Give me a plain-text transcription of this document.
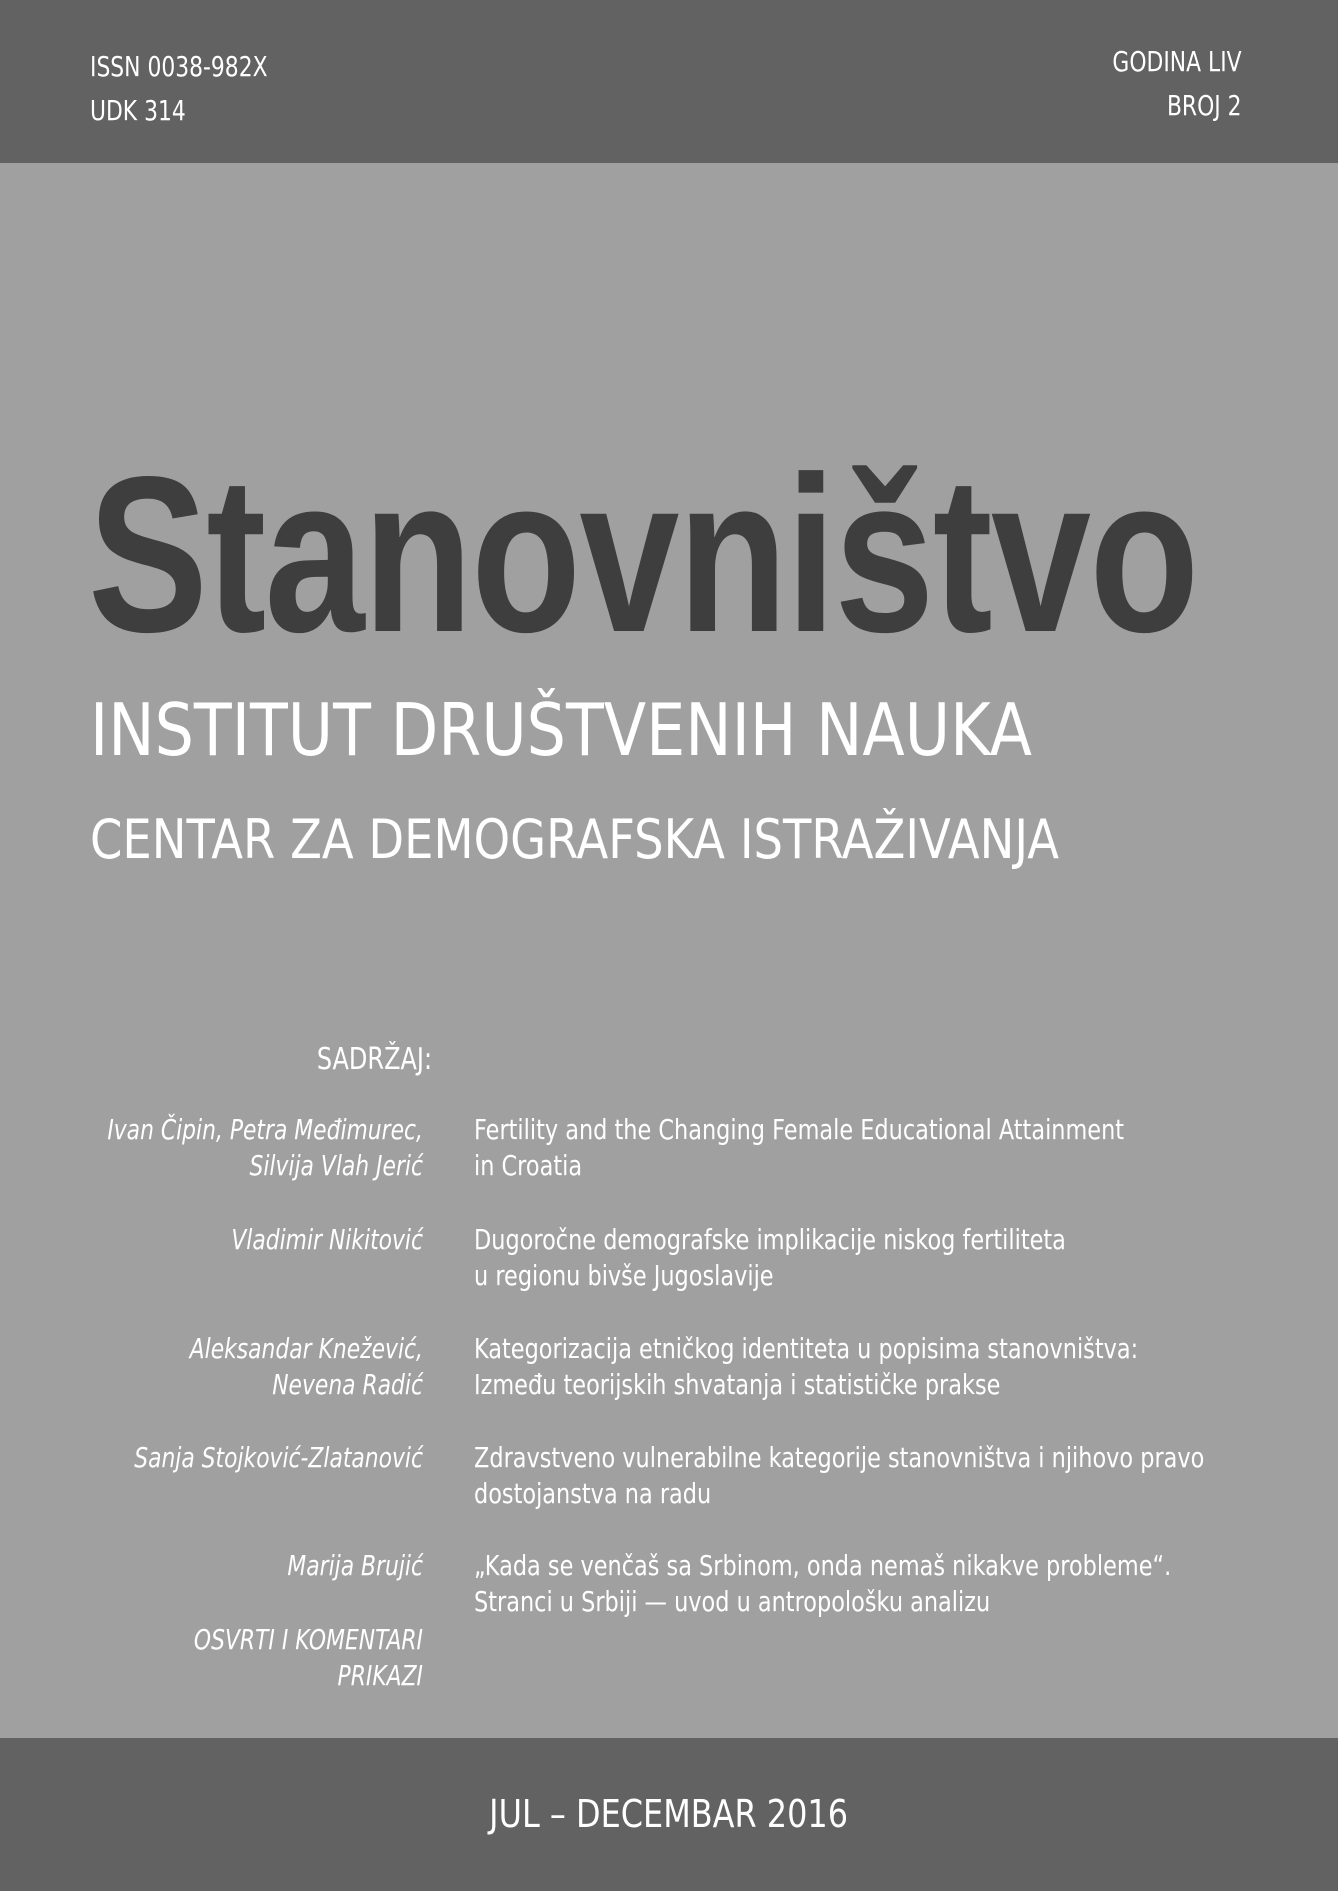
ISSN 0038-982X
UDK 314
GODINA LIV
BROJ 2
Stanovništvo
INSTITUT DRUŠTVENIH NAUKA
CENTAR ZA DEMOGRAFSKA ISTRAŽIVANJA
SADRŽAJ:
Ivan Čipin, Petra Međimurec,
Silvija Vlah Jerić
Fertility and the Changing Female Educational Attainment
in Croatia
Vladimir Nikitović Dugoročne demografske implikacije niskog fertiliteta
u regionu bivše Jugoslavije
Aleksandar Knežević,
Nevena Radić
Kategorizacija etničkog identiteta u popisima stanovništva:
Između teorijskih shvatanja i statističke prakse
Sanja Stojković-Zlatanović Zdravstveno vulnerabilne kategorije stanovništva i njihovo pravo
dostojanstva na radu
Marija Brujić „Kada se venčaš sa Srbinom, onda nemaš nikakve probleme“.
Stranci u Srbiji — uvod u antropološku analizu
OSVRTI I KOMENTARI
PRIKAZI
JUL – DECEMBAR 2016
